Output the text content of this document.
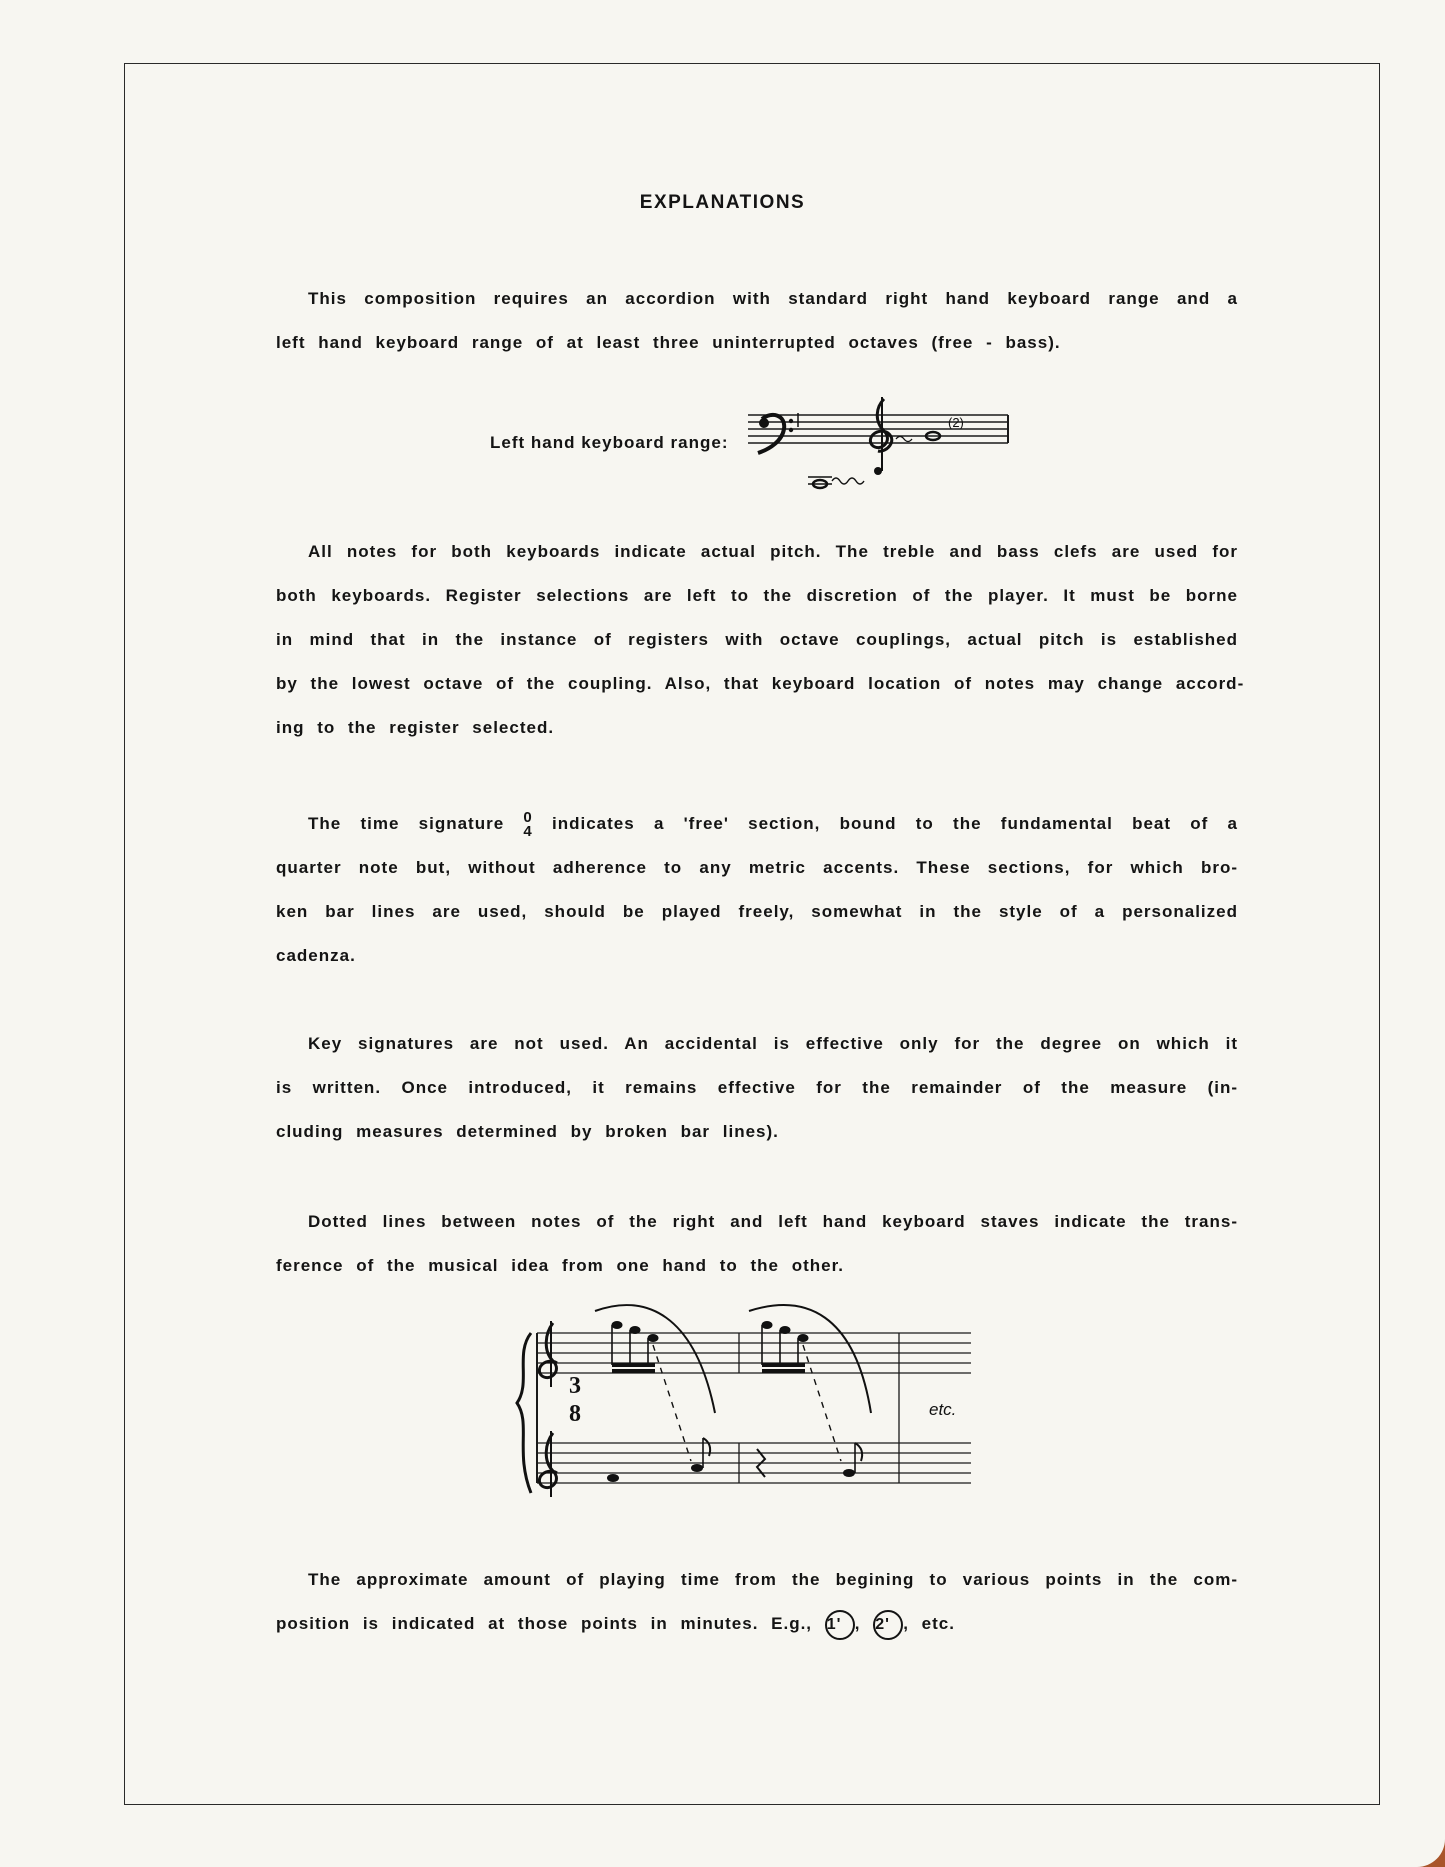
EXPLANATIONS
This composition requires an accordion with standard right hand keyboard range and a
left hand keyboard range of at least three uninterrupted octaves (free - bass).
Left hand keyboard range:
(2)
All notes for both keyboards indicate actual pitch. The treble and bass clefs are used for
both keyboards. Register selections are left to the discretion of the player. It must be borne
in mind that in the instance of registers with octave couplings, actual pitch is established
by the lowest octave of the coupling. Also, that keyboard location of notes may change accord-
ing to the register selected.
The time signature 0
4 indicates a 'free' section, bound to the fundamental beat of a
quarter note but, without adherence to any metric accents. These sections, for which bro-
ken bar lines are used, should be played freely, somewhat in the style of a personalized
cadenza.
Key signatures are not used. An accidental is effective only for the degree on which it
is written. Once introduced, it remains effective for the remainder of the measure (in-
cluding measures determined by broken bar lines).
Dotted lines between notes of the right and left hand keyboard staves indicate the trans-
ference of the musical idea from one hand to the other.
3
8	etc.
The approximate amount of playing time from the begining to various points in the com-
position is indicated at those points in minutes. E.g., 1' , 2' , etc.
